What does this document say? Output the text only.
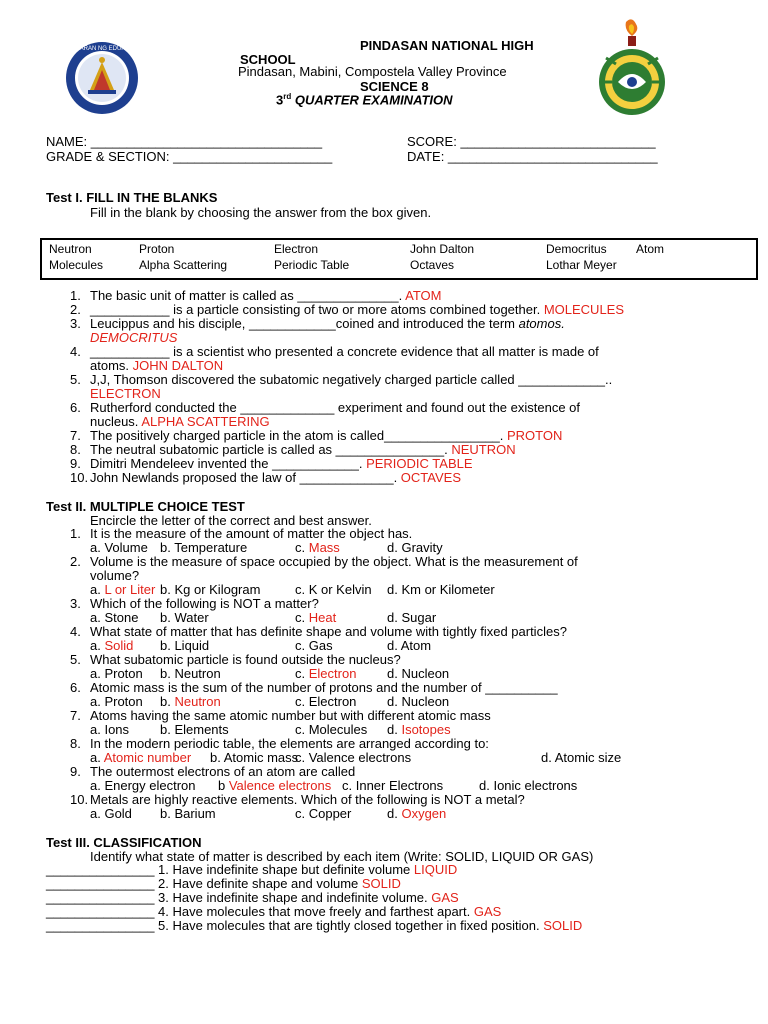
KAGAWARAN NG EDUKASYON	PINDASAN NATIONAL HIGH
SCHOOL
Pindasan, Mabini, Compostela Valley Province
SCIENCE 8
3rd QUARTER EXAMINATION
NAME: ________________________________	SCORE: ___________________________
GRADE & SECTION: ______________________	DATE: _____________________________
Test I. FILL IN THE BLANKS
Fill in the blank by choosing the answer from the box given.
Neutron	Proton	Electron	John Dalton	Democritus Atom
Molecules	Alpha Scattering	Periodic Table	Octaves	Lothar Meyer
1. The basic unit of matter is called as ______________. ATOM
2. ___________ is a particle consisting of two or more atoms combined together. MOLECULES
3. Leucippus and his disciple, ____________coined and introduced the term atomos.
DEMOCRITUS
4. ___________ is a scientist who presented a concrete evidence that all matter is made of
atoms. JOHN DALTON
5. J,J, Thomson discovered the subatomic negatively charged particle called ____________..
ELECTRON
6. Rutherford conducted the _____________ experiment and found out the existence of
nucleus. ALPHA SCATTERING
7. The positively charged particle in the atom is called________________. PROTON
8. The neutral subatomic particle is called as _______________. NEUTRON
9. Dimitri Mendeleev invented the ____________. PERIODIC TABLE
10. John Newlands proposed the law of _____________. OCTAVES
Test II. MULTIPLE CHOICE TEST
Encircle the letter of the correct and best answer.
1. It is the measure of the amount of matter the object has.
a. Volume b. Temperature	c. Mass	d. Gravity
2. Volume is the measure of space occupied by the object. What is the measurement of
volume?
a. L or Liter b. Kg or Kilogram	c. K or Kelvin d. Km or Kilometer
3. Which of the following is NOT a matter?
a. Stone b. Water	c. Heat	d. Sugar
4. What state of matter that has definite shape and volume with tightly fixed particles?
a. Solid b. Liquid	c. Gas	d. Atom
5. What subatomic particle is found outside the nucleus?
a. Proton b. Neutron	c. Electron d. Nucleon
6. Atomic mass is the sum of the number of protons and the number of __________
a. Proton b. Neutron	c. Electron d. Nucleon
7. Atoms having the same atomic number but with different atomic mass
a. Ions b. Elements	c. Molecules d. Isotopes
8. In the modern periodic table, the elements are arranged according to:
a. Atomic number b. Atomic mass
c. Valence electrons	d. Atomic size
9. The outermost electrons of an atom are called
a. Energy electron b Valence electrons c. Inner Electrons	d. Ionic electrons
10. Metals are highly reactive elements. Which of the following is NOT a metal?
a. Gold b. Barium	c. Copper	d. Oxygen
Test III. CLASSIFICATION
Identify what state of matter is described by each item (Write: SOLID, LIQUID OR GAS)
_______________ 1. Have indefinite shape but definite volume LIQUID
_______________ 2. Have definite shape and volume SOLID
_______________ 3. Have indefinite shape and indefinite volume. GAS
_______________ 4. Have molecules that move freely and farthest apart. GAS
_______________ 5. Have molecules that are tightly closed together in fixed position. SOLID
